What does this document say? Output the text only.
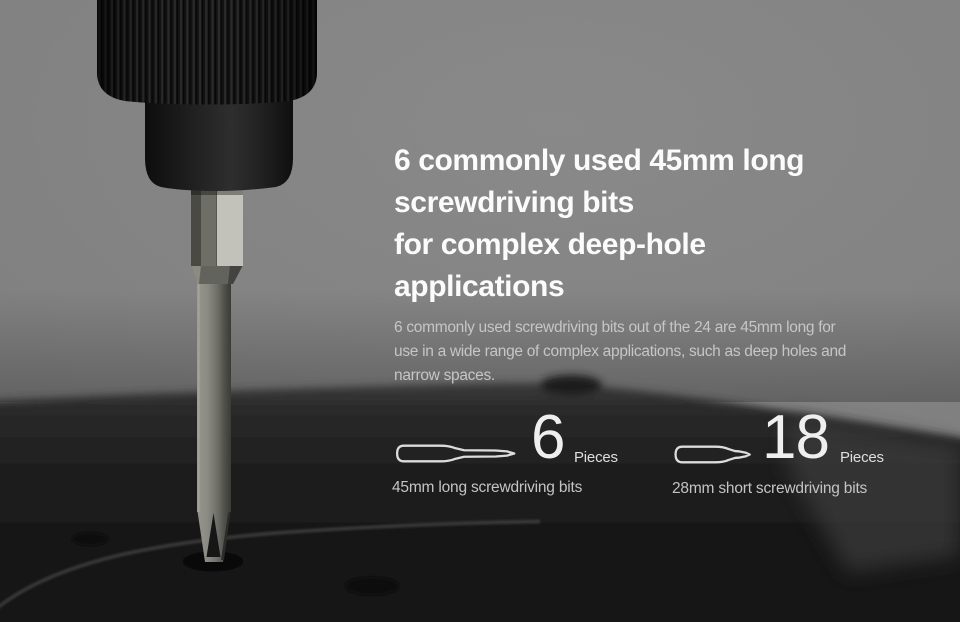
6 commonly used 45mm long
screwdriving bits
for complex deep-hole
applications
6 commonly used screwdriving bits out of the 24 are 45mm long for
use in a wide range of complex applications, such as deep holes and
narrow spaces.
6 Pieces
45mm long screwdriving bits
18 Pieces
28mm short screwdriving bits
